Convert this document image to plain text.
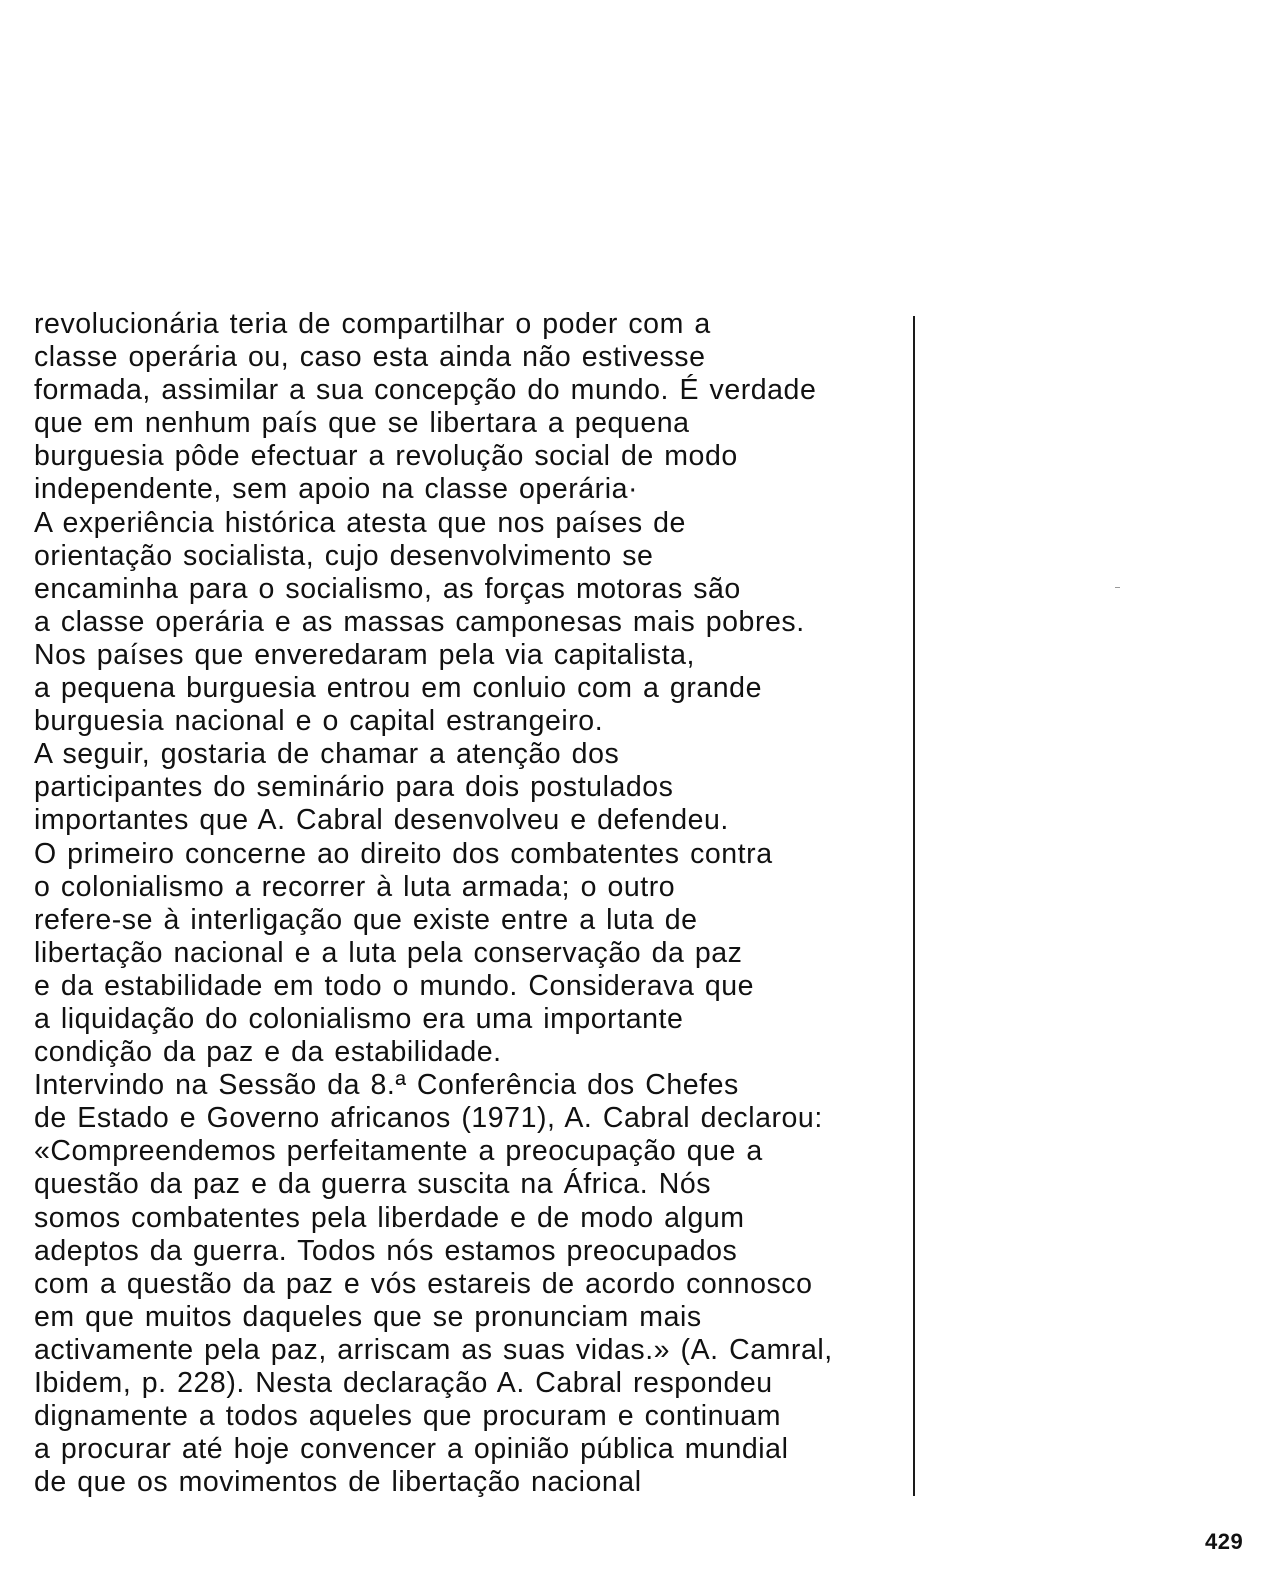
revolucionária teria de compartilhar o poder com a
classe operária ou, caso esta ainda não estivesse
formada, assimilar a sua concepção do mundo. É verdade
que em nenhum país que se libertara a pequena
burguesia pôde efectuar a revolução social de modo
independente, sem apoio na classe operária·
A experiência histórica atesta que nos países de
orientação socialista, cujo desenvolvimento se
encaminha para o socialismo, as forças motoras são
a classe operária e as massas camponesas mais pobres.
Nos países que enveredaram pela via capitalista,
a pequena burguesia entrou em conluio com a grande
burguesia nacional e o capital estrangeiro.
A seguir, gostaria de chamar a atenção dos
participantes do seminário para dois postulados
importantes que A. Cabral desenvolveu e defendeu.
O primeiro concerne ao direito dos combatentes contra
o colonialismo a recorrer à luta armada; o outro
refere-se à interligação que existe entre a luta de
libertação nacional e a luta pela conservação da paz
e da estabilidade em todo o mundo. Considerava que
a liquidação do colonialismo era uma importante
condição da paz e da estabilidade.
Intervindo na Sessão da 8.ª Conferência dos Chefes
de Estado e Governo africanos (1971), A. Cabral declarou:
«Compreendemos perfeitamente a preocupação que a
questão da paz e da guerra suscita na África. Nós
somos combatentes pela liberdade e de modo algum
adeptos da guerra. Todos nós estamos preocupados
com a questão da paz e vós estareis de acordo connosco
em que muitos daqueles que se pronunciam mais
activamente pela paz, arriscam as suas vidas.» (A. Camral,
Ibidem, p. 228). Nesta declaração A. Cabral respondeu
dignamente a todos aqueles que procuram e continuam
a procurar até hoje convencer a opinião pública mundial
de que os movimentos de libertação nacional
429
